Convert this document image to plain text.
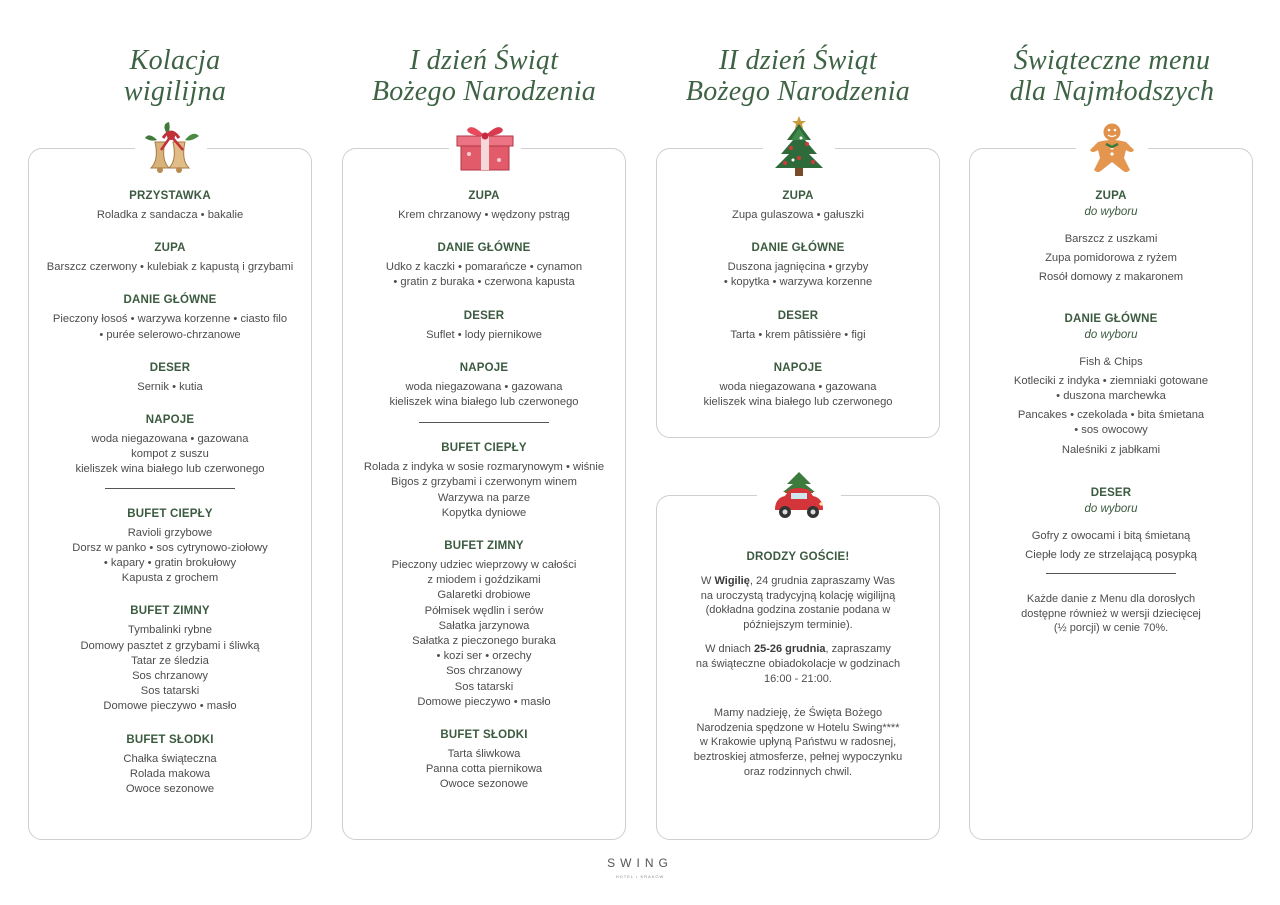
Kolacja
wigilijna
PRZYSTAWKA
Roladka z sandacza • bakalie
ZUPA
Barszcz czerwony • kulebiak z kapustą i grzybami
DANIE GŁÓWNE
Pieczony łosoś • warzywa korzenne • ciasto filo
• purée selerowo-chrzanowe
DESER
Sernik • kutia
NAPOJE
woda niegazowana • gazowana
kompot z suszu
kieliszek wina białego lub czerwonego
BUFET CIEPŁY
Ravioli grzybowe
Dorsz w panko • sos cytrynowo-ziołowy
• kapary • gratin brokułowy
Kapusta z grochem
BUFET ZIMNY
Tymbalinki rybne
Domowy pasztet z grzybami i śliwką
Tatar ze śledzia
Sos chrzanowy
Sos tatarski
Domowe pieczywo • masło
BUFET SŁODKI
Chałka świąteczna
Rolada makowa
Owoce sezonowe
I dzień Świąt
Bożego Narodzenia
ZUPA
Krem chrzanowy • wędzony pstrąg
DANIE GŁÓWNE
Udko z kaczki • pomarańcze • cynamon
• gratin z buraka • czerwona kapusta
DESER
Suflet • lody piernikowe
NAPOJE
woda niegazowana • gazowana
kieliszek wina białego lub czerwonego
BUFET CIEPŁY
Rolada z indyka w sosie rozmarynowym • wiśnie
Bigos z grzybami i czerwonym winem
Warzywa na parze
Kopytka dyniowe
BUFET ZIMNY
Pieczony udziec wieprzowy w całości
z miodem i goździkami
Galaretki drobiowe
Półmisek wędlin i serów
Sałatka jarzynowa
Sałatka z pieczonego buraka
• kozi ser • orzechy
Sos chrzanowy
Sos tatarski
Domowe pieczywo • masło
BUFET SŁODKI
Tarta śliwkowa
Panna cotta piernikowa
Owoce sezonowe
II dzień Świąt
Bożego Narodzenia
ZUPA
Zupa gulaszowa • gałuszki
DANIE GŁÓWNE
Duszona jagnięcina • grzyby
• kopytka • warzywa korzenne
DESER
Tarta • krem pâtissière • figi
NAPOJE
woda niegazowana • gazowana
kieliszek wina białego lub czerwonego
DRODZY GOŚCIE!
W Wigilię, 24 grudnia zapraszamy Was
na uroczystą tradycyjną kolację wigilijną
(dokładna godzina zostanie podana w
późniejszym terminie).
W dniach 25-26 grudnia, zapraszamy
na świąteczne obiadokolacje w godzinach
16:00 - 21:00.
Mamy nadzieję, że Święta Bożego
Narodzenia spędzone w Hotelu Swing****
w Krakowie upłyną Państwu w radosnej,
beztroskiej atmosferze, pełnej wypoczynku
oraz rodzinnych chwil.
Świąteczne menu
dla Najmłodszych
ZUPA
do wyboru
Barszcz z uszkami
Zupa pomidorowa z ryżem
Rosół domowy z makaronem
DANIE GŁÓWNE
do wyboru
Fish & Chips
Kotleciki z indyka • ziemniaki gotowane
• duszona marchewka
Pancakes • czekolada • bita śmietana
• sos owocowy
Naleśniki z jabłkami
DESER
do wyboru
Gofry z owocami i bitą śmietaną
Ciepłe lody ze strzelającą posypką
Każde danie z Menu dla dorosłych
dostępne również w wersji dziecięcej
(½ porcji) w cenie 70%.
SWING
HOTEL • KRAKÓW
